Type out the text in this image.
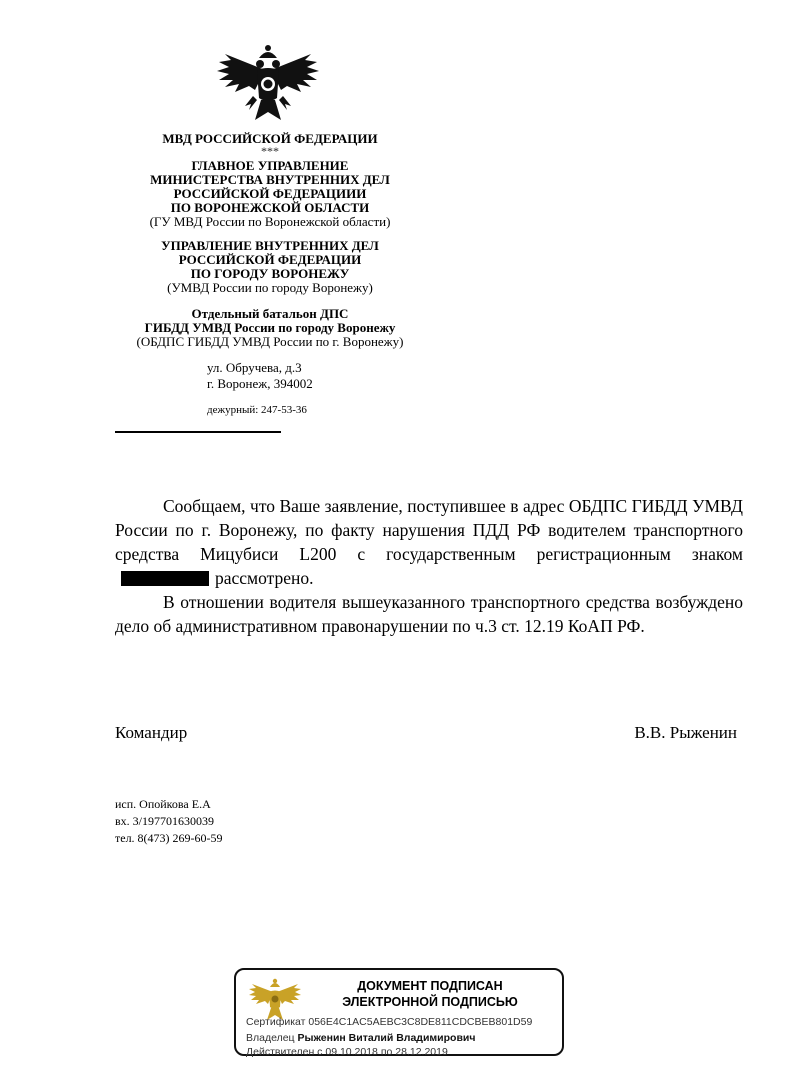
МВД РОССИЙСКОЙ ФЕДЕРАЦИИ
***
ГЛАВНОЕ УПРАВЛЕНИЕ
МИНИСТЕРСТВА ВНУТРЕННИХ ДЕЛ
РОССИЙСКОЙ ФЕДЕРАЦИИИ
ПО ВОРОНЕЖСКОЙ ОБЛАСТИ
(ГУ МВД России по Воронежской области)
УПРАВЛЕНИЕ ВНУТРЕННИХ ДЕЛ
РОССИЙСКОЙ ФЕДЕРАЦИИ
ПО ГОРОДУ ВОРОНЕЖУ
(УМВД России по городу Воронежу)
Отдельный батальон ДПС
ГИБДД УМВД России по городу Воронежу
(ОБДПС ГИБДД УМВД России по г. Воронежу)
ул. Обручева, д.3
г. Воронеж, 394002
дежурный: 247-53-36

Сообщаем, что Ваше заявление, поступившее в адрес ОБДПС ГИБДД УМВД России по г. Воронежу, по факту нарушения ПДД РФ водителем транспортного средства Мицубиси L200 с государственным регистрационным знакомрассмотрено.

В отношении водителя вышеуказанного транспортного средства возбуждено дело об административном правонарушении по ч.3 ст. 12.19 КоАП РФ.

Командир	В.В. Рыженин
исп. Опойкова Е.А
вх. 3/197701630039
тел. 8(473) 269-60-59
ДОКУМЕНТ ПОДПИСАН
ЭЛЕКТРОННОЙ ПОДПИСЬЮ
Сертификат 056E4C1AC5AEBC3C8DE811CDCBEB801D59
Владелец Рыженин Виталий Владимирович
Действителен с 09.10.2018 по 28.12.2019
